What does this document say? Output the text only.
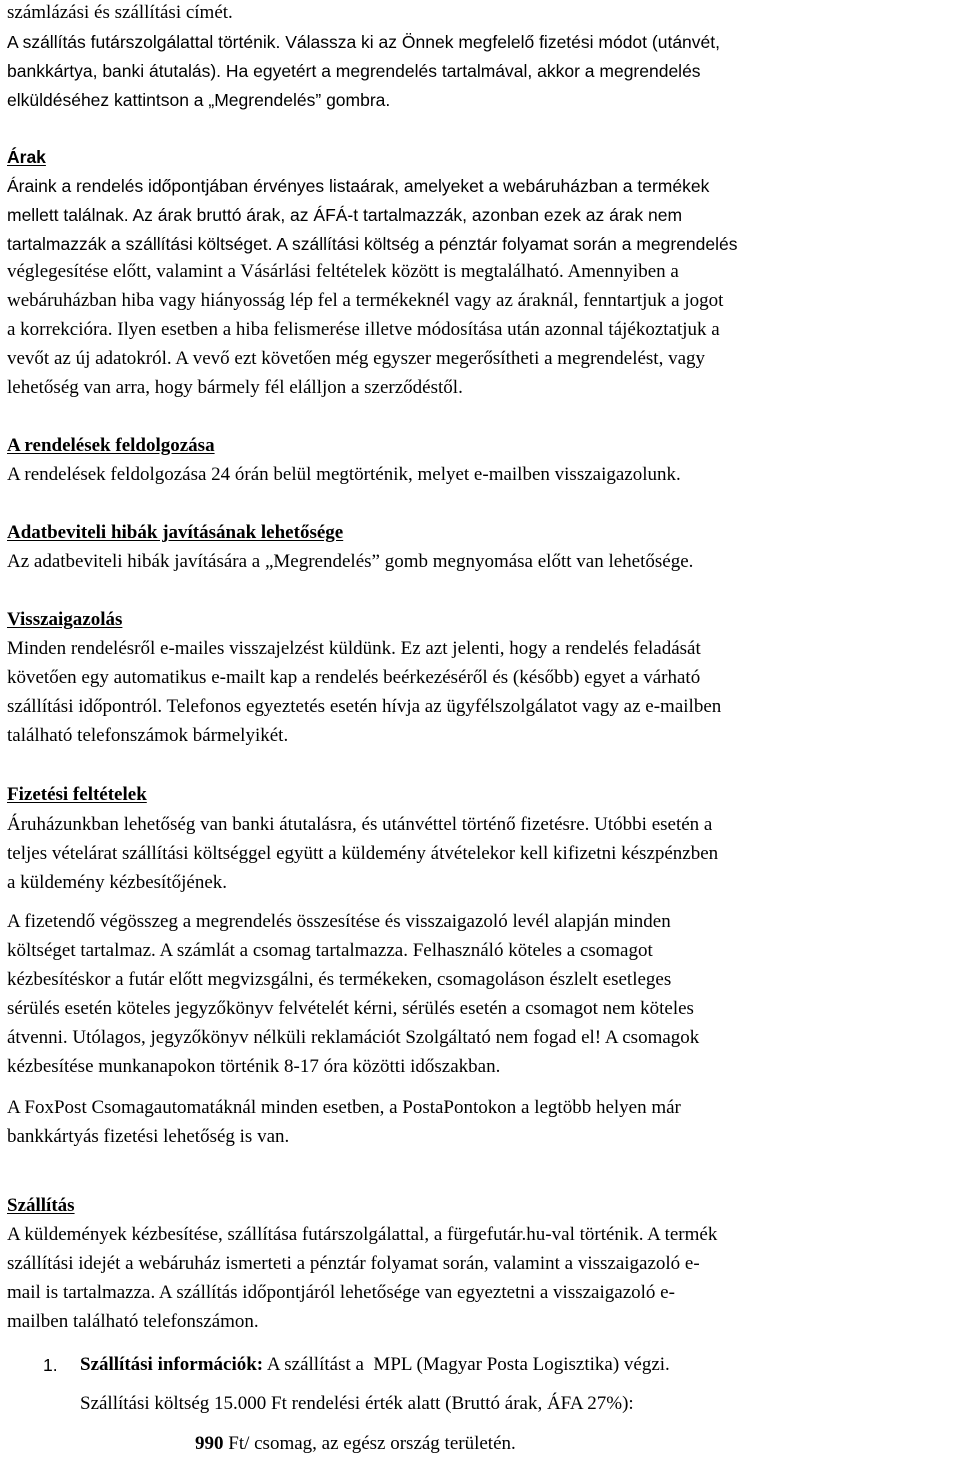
számlázási és szállítási címét.
A szállítás futárszolgálattal történik. Válassza ki az Önnek megfelelő fizetési módot (utánvét,
bankkártya, banki átutalás). Ha egyetért a megrendelés tartalmával, akkor a megrendelés
elküldéséhez kattintson a „Megrendelés” gombra.
Árak
Áraink a rendelés időpontjában érvényes listaárak, amelyeket a webáruházban a termékek
mellett találnak. Az árak bruttó árak, az ÁFÁ-t tartalmazzák, azonban ezek az árak nem
tartalmazzák a szállítási költséget. A szállítási költség a pénztár folyamat során a megrendelés
véglegesítése előtt, valamint a Vásárlási feltételek között is megtalálható. Amennyiben a
webáruházban hiba vagy hiányosság lép fel a termékeknél vagy az áraknál, fenntartjuk a jogot
a korrekcióra. Ilyen esetben a hiba felismerése illetve módosítása után azonnal tájékoztatjuk a
vevőt az új adatokról. A vevő ezt követően még egyszer megerősítheti a megrendelést, vagy
lehetőség van arra, hogy bármely fél elálljon a szerződéstől.
A rendelések feldolgozása
A rendelések feldolgozása 24 órán belül megtörténik, melyet e-mailben visszaigazolunk.
Adatbeviteli hibák javításának lehetősége
Az adatbeviteli hibák javítására a „Megrendelés” gomb megnyomása előtt van lehetősége.
Visszaigazolás
Minden rendelésről e-mailes visszajelzést küldünk. Ez azt jelenti, hogy a rendelés feladását
követően egy automatikus e-mailt kap a rendelés beérkezéséről és (később) egyet a várható
szállítási időpontról. Telefonos egyeztetés esetén hívja az ügyfélszolgálatot vagy az e-mailben
található telefonszámok bármelyikét.
Fizetési feltételek
Áruházunkban lehetőség van banki átutalásra, és utánvéttel történő fizetésre. Utóbbi esetén a
teljes vételárat szállítási költséggel együtt a küldemény átvételekor kell kifizetni készpénzben
a küldemény kézbesítőjének.
A fizetendő végösszeg a megrendelés összesítése és visszaigazoló levél alapján minden
költséget tartalmaz. A számlát a csomag tartalmazza. Felhasználó köteles a csomagot
kézbesítéskor a futár előtt megvizsgálni, és termékeken, csomagoláson észlelt esetleges
sérülés esetén köteles jegyzőkönyv felvételét kérni, sérülés esetén a csomagot nem köteles
átvenni. Utólagos, jegyzőkönyv nélküli reklamációt Szolgáltató nem fogad el! A csomagok
kézbesítése munkanapokon történik 8-17 óra közötti időszakban.
A FoxPost Csomagautomatáknál minden esetben, a PostaPontokon a legtöbb helyen már
bankkártyás fizetési lehetőség is van.
Szállítás
A küldemények kézbesítése, szállítása futárszolgálattal, a fürgefutár.hu-val történik. A termék
szállítási idejét a webáruház ismerteti a pénztár folyamat során, valamint a visszaigazoló e-
mail is tartalmazza. A szállítás időpontjáról lehetősége van egyeztetni a visszaigazoló e-
mailben található telefonszámon.
1. Szállítási információk: A szállítást a  MPL (Magyar Posta Logisztika) végzi.
Szállítási költség 15.000 Ft rendelési érték alatt (Bruttó árak, ÁFA 27%):
990 Ft/ csomag, az egész ország területén.
